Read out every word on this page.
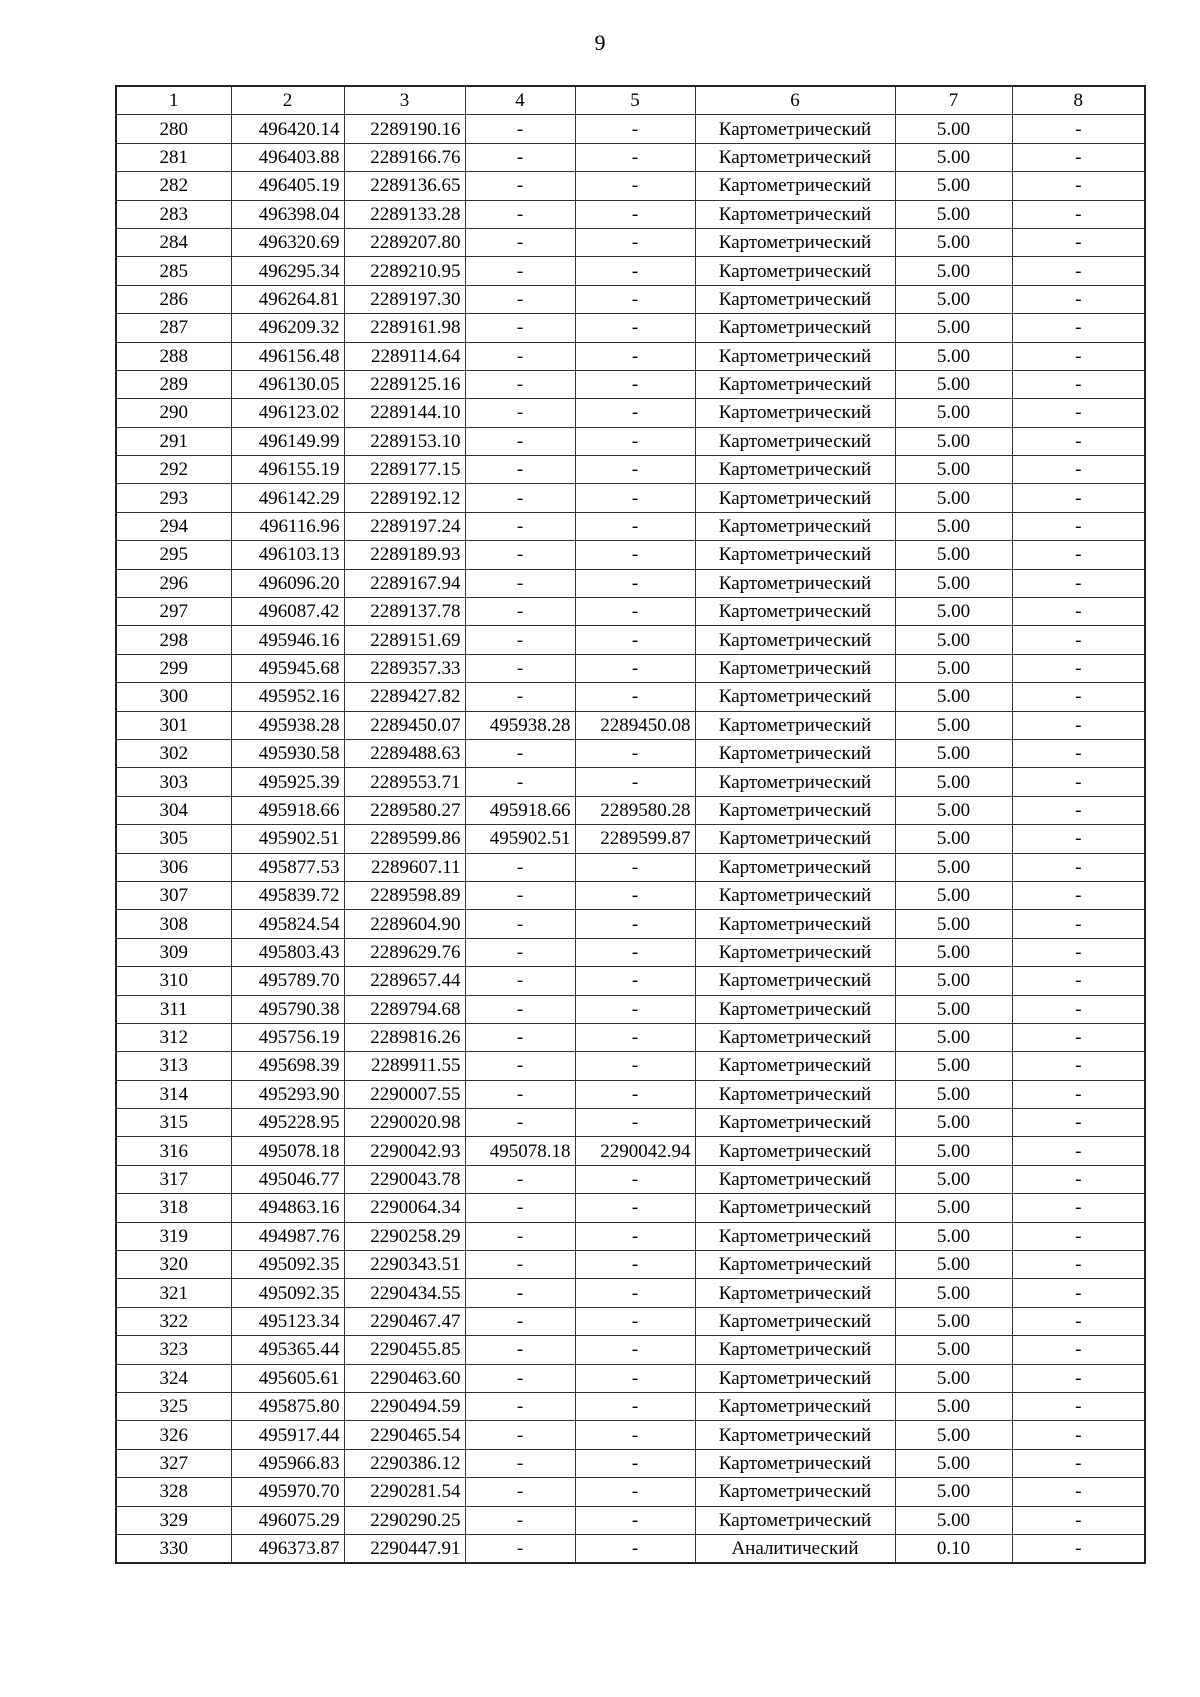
9
1	2	3	4	5	6	7	8
280	496420.14	2289190.16	-	-	Картометрический	5.00	-
281	496403.88	2289166.76	-	-	Картометрический	5.00	-
282	496405.19	2289136.65	-	-	Картометрический	5.00	-
283	496398.04	2289133.28	-	-	Картометрический	5.00	-
284	496320.69	2289207.80	-	-	Картометрический	5.00	-
285	496295.34	2289210.95	-	-	Картометрический	5.00	-
286	496264.81	2289197.30	-	-	Картометрический	5.00	-
287	496209.32	2289161.98	-	-	Картометрический	5.00	-
288	496156.48	2289114.64	-	-	Картометрический	5.00	-
289	496130.05	2289125.16	-	-	Картометрический	5.00	-
290	496123.02	2289144.10	-	-	Картометрический	5.00	-
291	496149.99	2289153.10	-	-	Картометрический	5.00	-
292	496155.19	2289177.15	-	-	Картометрический	5.00	-
293	496142.29	2289192.12	-	-	Картометрический	5.00	-
294	496116.96	2289197.24	-	-	Картометрический	5.00	-
295	496103.13	2289189.93	-	-	Картометрический	5.00	-
296	496096.20	2289167.94	-	-	Картометрический	5.00	-
297	496087.42	2289137.78	-	-	Картометрический	5.00	-
298	495946.16	2289151.69	-	-	Картометрический	5.00	-
299	495945.68	2289357.33	-	-	Картометрический	5.00	-
300	495952.16	2289427.82	-	-	Картометрический	5.00	-
301	495938.28	2289450.07	495938.28	2289450.08	Картометрический	5.00	-
302	495930.58	2289488.63	-	-	Картометрический	5.00	-
303	495925.39	2289553.71	-	-	Картометрический	5.00	-
304	495918.66	2289580.27	495918.66	2289580.28	Картометрический	5.00	-
305	495902.51	2289599.86	495902.51	2289599.87	Картометрический	5.00	-
306	495877.53	2289607.11	-	-	Картометрический	5.00	-
307	495839.72	2289598.89	-	-	Картометрический	5.00	-
308	495824.54	2289604.90	-	-	Картометрический	5.00	-
309	495803.43	2289629.76	-	-	Картометрический	5.00	-
310	495789.70	2289657.44	-	-	Картометрический	5.00	-
311	495790.38	2289794.68	-	-	Картометрический	5.00	-
312	495756.19	2289816.26	-	-	Картометрический	5.00	-
313	495698.39	2289911.55	-	-	Картометрический	5.00	-
314	495293.90	2290007.55	-	-	Картометрический	5.00	-
315	495228.95	2290020.98	-	-	Картометрический	5.00	-
316	495078.18	2290042.93	495078.18	2290042.94	Картометрический	5.00	-
317	495046.77	2290043.78	-	-	Картометрический	5.00	-
318	494863.16	2290064.34	-	-	Картометрический	5.00	-
319	494987.76	2290258.29	-	-	Картометрический	5.00	-
320	495092.35	2290343.51	-	-	Картометрический	5.00	-
321	495092.35	2290434.55	-	-	Картометрический	5.00	-
322	495123.34	2290467.47	-	-	Картометрический	5.00	-
323	495365.44	2290455.85	-	-	Картометрический	5.00	-
324	495605.61	2290463.60	-	-	Картометрический	5.00	-
325	495875.80	2290494.59	-	-	Картометрический	5.00	-
326	495917.44	2290465.54	-	-	Картометрический	5.00	-
327	495966.83	2290386.12	-	-	Картометрический	5.00	-
328	495970.70	2290281.54	-	-	Картометрический	5.00	-
329	496075.29	2290290.25	-	-	Картометрический	5.00	-
330	496373.87	2290447.91	-	-	Аналитический	0.10	-
